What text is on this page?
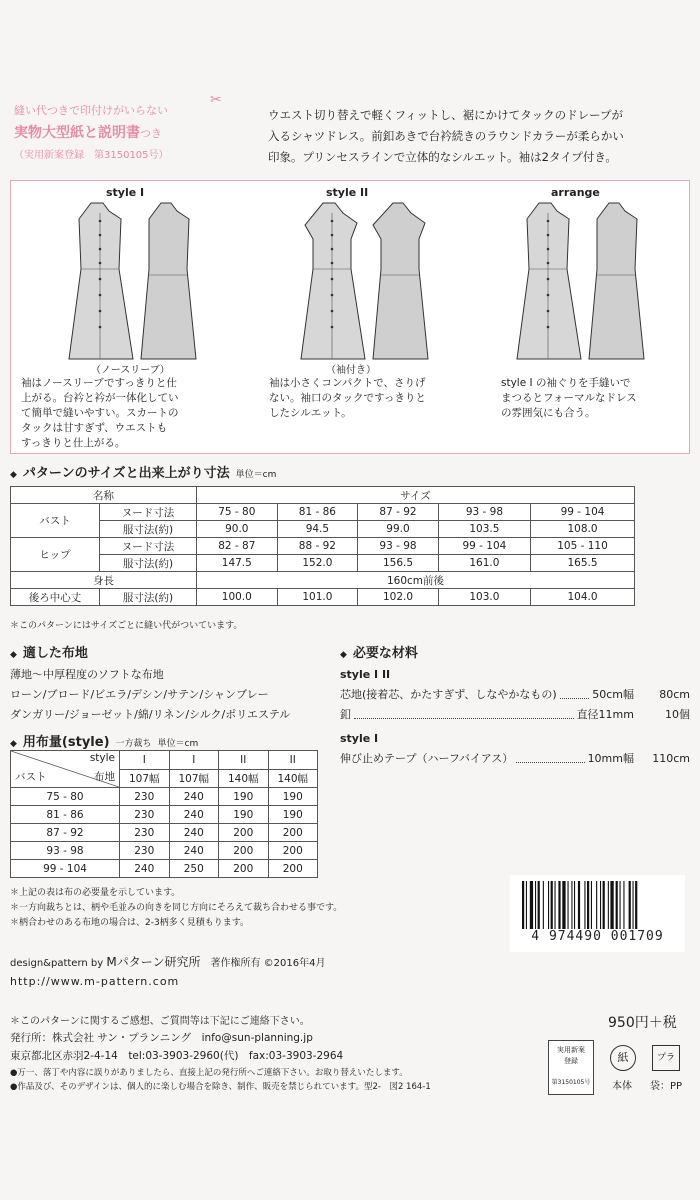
✂
縫い代つきで印付けがいらない
実物大型紙と説明書つき
（実用新案登録　第3150105号）
ウエスト切り替えで軽くフィットし、裾にかけてタックのドレープが
入るシャツドレス。前釦あきで台衿続きのラウンドカラーが柔らかい
印象。プリンセスラインで立体的なシルエット。袖は2タイプ付き。
style I
（ノースリーブ）
袖はノースリーブですっきりと仕
上がる。台衿と衿が一体化してい
て簡単で縫いやすい。スカートの
タックは甘すぎず、ウエストも
すっきりと仕上がる。
style II
（袖付き）
袖は小さくコンパクトで、さりげ
ない。袖口のタックですっきりと
したシルエット。
arrange
style I の袖ぐりを手縫いで
まつるとフォーマルなドレス
の雰囲気にも合う。
◆ パターンのサイズと出来上がり寸法 単位＝cm
名称		サイズ				
バスト	ヌード寸法	75 - 80	81 - 86	87 - 92	93 - 98	99 - 104
	服寸法(約)	90.0	94.5	99.0	103.5	108.0
ヒップ	ヌード寸法	82 - 87	88 - 92	93 - 98	99 - 104	105 - 110
	服寸法(約)	147.5	152.0	156.5	161.0	165.5
身長		160cm前後				
後ろ中心丈	服寸法(約)	100.0	101.0	102.0	103.0	104.0
＊このパターンにはサイズごとに縫い代がついています。
◆ 適した布地
薄地～中厚程度のソフトな布地
ローン/ブロード/ビエラ/デシン/サテン/シャンブレー
ダンガリー/ジョーゼット/綿/リネン/シルク/ポリエステル
◆ 必要な材料
style I II
芯地(接着芯、かたすぎず、しなやかなもの)	50cm幅	80cm
釦	直径11mm	10個
style I
伸び止めテープ（ハーフバイアス）	10mm幅	110cm
◆ 用布量(style) 一方裁ち 単位＝cm
style
布地
バスト	I	I	II	II
	107幅	107幅	140幅	140幅
75 - 80	230	240	190	190
81 - 86	230	240	190	190
87 - 92	230	240	200	200
93 - 98	230	240	200	200
99 - 104	240	250	200	200
＊上記の表は布の必要量を示しています。
＊一方向裁ちとは、柄や毛並みの向きを同じ方向にそろえて裁ち合わせる事です。
＊柄合わせのある布地の場合は、2-3柄多く見積もります。
4 974490 001709
design&pattern by Mパターン研究所　 著作権所有 ©2016年4月
http://www.m-pattern.com
＊このパターンに関するご感想、ご質問等は下記にご連絡下さい。
発行所：株式会社 サン・プランニング　 info@sun-planning.jp
東京都北区赤羽2-4-14　 tel:03-3903-2960(代)　 fax:03-3903-2964
●万一、落丁や内容に誤りがありましたら、直接上記の発行所へご連絡下さい。お取り替えいたします。
●作品及び、そのデザインは、個人的に楽しむ場合を除き、制作、販売を禁じられています。型2-　図2 164-1
950円＋税
実用新案
登録
第3150105号
紙	プラ
本体 袋：PP
